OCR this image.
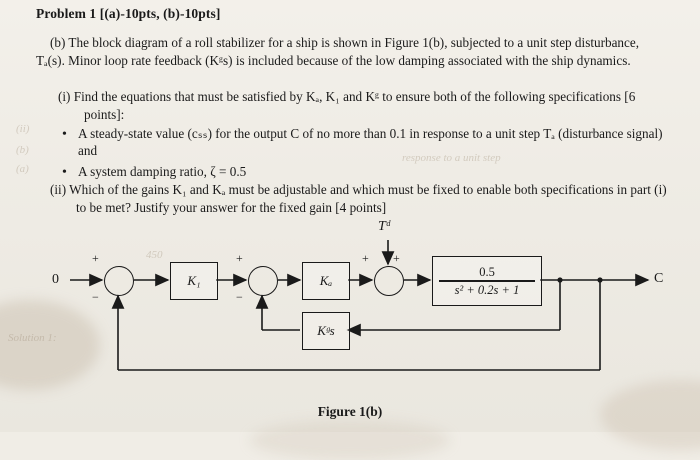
Problem 1 [(a)-10pts, (b)-10pts]
(b) The block diagram of a roll stabilizer for a ship is shown in Figure 1(b), subjected to a unit step disturbance, Tₐ(s). Minor loop rate feedback (Kᵍs) is included because of the low damping associated with the ship dynamics.
(i) Find the equations that must be satisfied by Kₐ, K₁ and Kᵍ to ensure both of the following specifications [6 points]:
• A steady-state value (cₛₛ) for the output C of no more than 0.1 in response to a unit step Tₐ (disturbance signal) and
• A system damping ratio, ζ = 0.5
(ii) Which of the gains K₁ and Kₐ must be adjustable and which must be fixed to enable both specifications in part (i) to be met? Justify your answer for the fixed gain [4 points]
+
−
+
−
+ +
0	C
Tᵈ
K₁	Kₐ
Kᵍs
$\frac{0.5}{\text{s² + 0.2s + 1}}$
Figure 1(b)
Solution 1:
(ii)
(b)
(a)
450
response to a unit step
